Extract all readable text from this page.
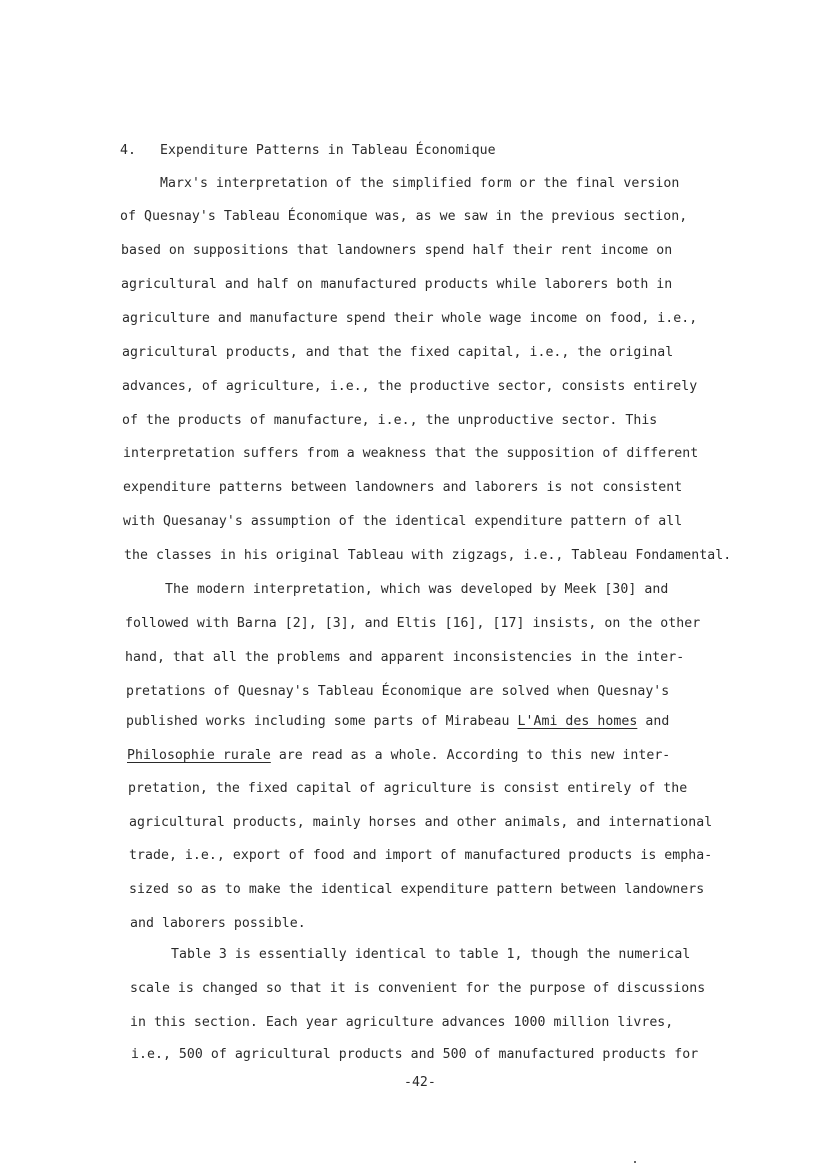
4. Expenditure Patterns in Tableau Économique
Marx's interpretation of the simplified form or the final version
of Quesnay's Tableau Économique was, as we saw in the previous section,
based on suppositions that landowners spend half their rent income on
agricultural and half on manufactured products while laborers both in
agriculture and manufacture spend their whole wage income on food, i.e.,
agricultural products, and that the fixed capital, i.e., the original
advances, of agriculture, i.e., the productive sector, consists entirely
of the products of manufacture, i.e., the unproductive sector. This
interpretation suffers from a weakness that the supposition of different
expenditure patterns between landowners and laborers is not consistent
with Quesanay's assumption of the identical expenditure pattern of all
the classes in his original Tableau with zigzags, i.e., Tableau Fondamental.
The modern interpretation, which was developed by Meek [30] and
followed with Barna [2], [3], and Eltis [16], [17] insists, on the other
hand, that all the problems and apparent inconsistencies in the inter-
pretations of Quesnay's Tableau Économique are solved when Quesnay's
published works including some parts of Mirabeau L'Ami des homes and
Philosophie rurale are read as a whole. According to this new inter-
pretation, the fixed capital of agriculture is consist entirely of the
agricultural products, mainly horses and other animals, and international
trade, i.e., export of food and import of manufactured products is empha-
sized so as to make the identical expenditure pattern between landowners
and laborers possible.
Table 3 is essentially identical to table 1, though the numerical
scale is changed so that it is convenient for the purpose of discussions
in this section. Each year agriculture advances 1000 million livres,
i.e., 500 of agricultural products and 500 of manufactured products for
-42-
